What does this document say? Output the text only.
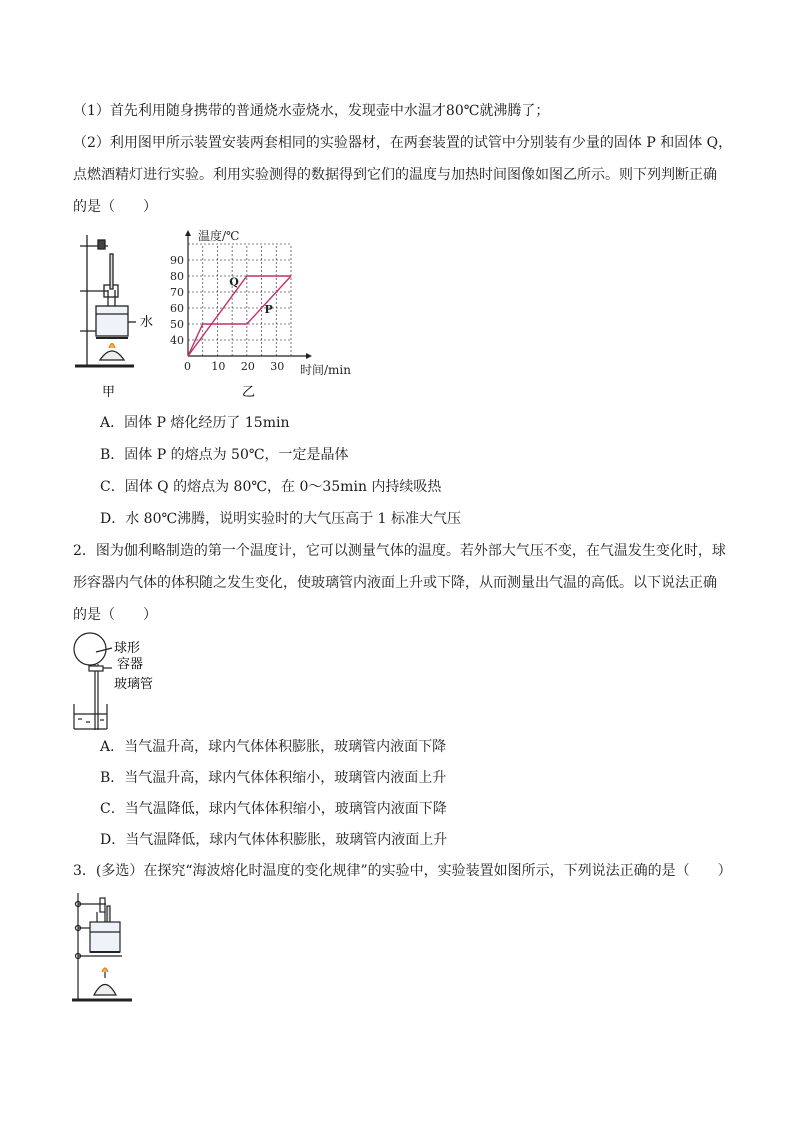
（1）首先利用随身携带的普通烧水壶烧水，发现壶中水温才80℃就沸腾了；
（2）利用图甲所示装置安装两套相同的实验器材，在两套装置的试管中分别装有少量的固体 P 和固体 Q，
点燃酒精灯进行实验。利用实验测得的数据得到它们的温度与加热时间图像如图乙所示。则下列判断正确
的是（　　）
水
甲
P
Q
40
50
60
70
80
90
10 20 30
0
温度/℃
时间/min
乙
A．固体 P 熔化经历了 15min
B．固体 P 的熔点为 50℃，一定是晶体
C．固体 Q 的熔点为 80℃，在 0～35min 内持续吸热
D．水 80℃沸腾，说明实验时的大气压高于 1 标准大气压
2．图为伽利略制造的第一个温度计，它可以测量气体的温度。若外部大气压不变，在气温发生变化时，球
形容器内气体的体积随之发生变化，使玻璃管内液面上升或下降，从而测量出气温的高低。以下说法正确
的是（　　）
球形
容器
玻璃管
A．当气温升高，球内气体体积膨胀，玻璃管内液面下降
B．当气温升高，球内气体体积缩小，玻璃管内液面上升
C．当气温降低，球内气体体积缩小，玻璃管内液面下降
D．当气温降低，球内气体体积膨胀，玻璃管内液面上升
3．(多选）在探究“海波熔化时温度的变化规律”的实验中，实验装置如图所示，下列说法正确的是（　　）
